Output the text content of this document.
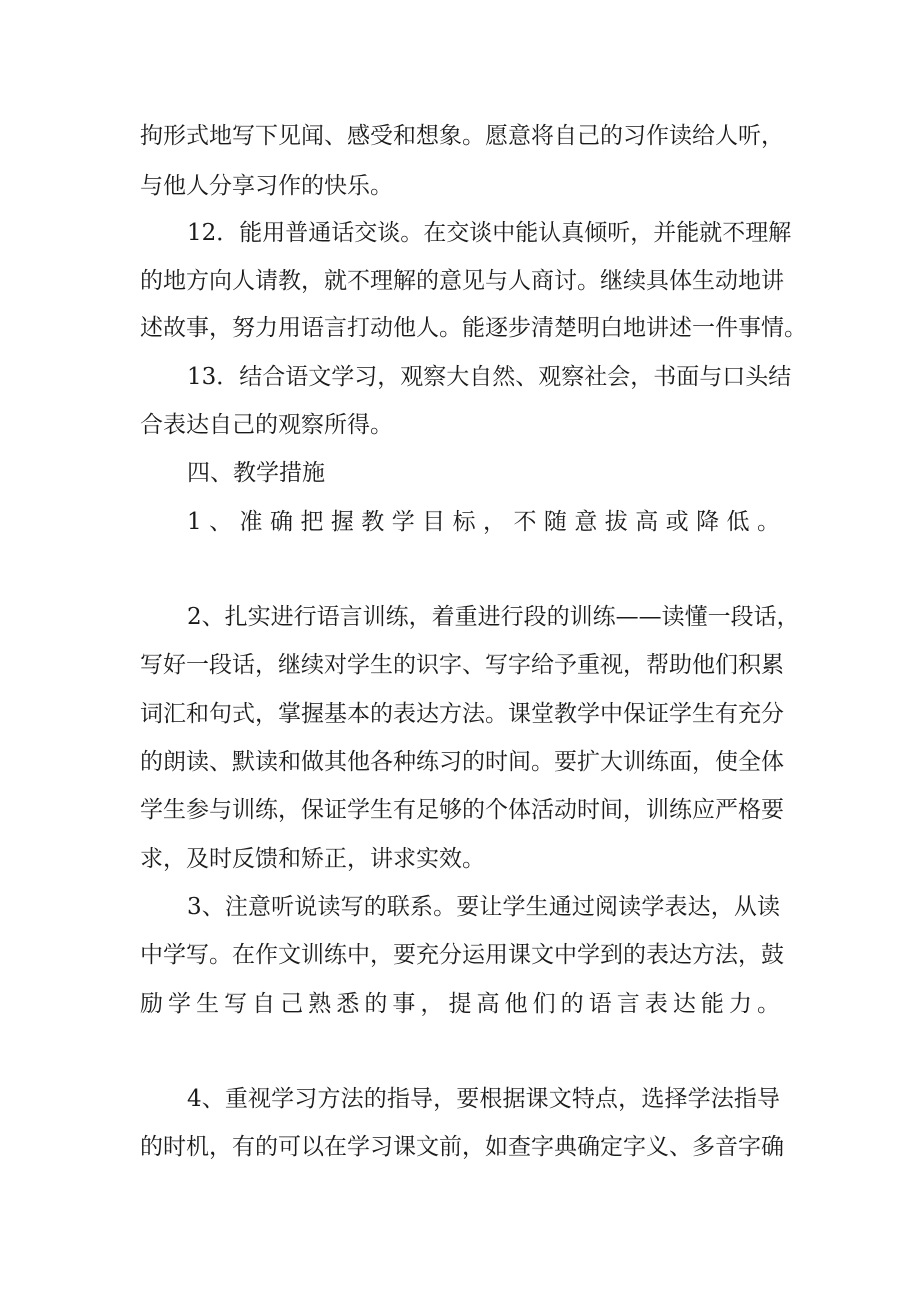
拘形式地写下见闻、感受和想象。愿意将自己的习作读给人听，
与他人分享习作的快乐。
12．能用普通话交谈。在交谈中能认真倾听，并能就不理解
的地方向人请教，就不理解的意见与人商讨。继续具体生动地讲
述故事，努力用语言打动他人。能逐步清楚明白地讲述一件事情。
13．结合语文学习，观察大自然、观察社会，书面与口头结
合表达自己的观察所得。
四、教学措施
1、准确把握教学目标，不随意拔高或降低。
2、扎实进行语言训练，着重进行段的训练——读懂一段话，
写好一段话，继续对学生的识字、写字给予重视，帮助他们积累
词汇和句式，掌握基本的表达方法。课堂教学中保证学生有充分
的朗读、默读和做其他各种练习的时间。要扩大训练面，使全体
学生参与训练，保证学生有足够的个体活动时间，训练应严格要
求，及时反馈和矫正，讲求实效。
3、注意听说读写的联系。要让学生通过阅读学表达，从读
中学写。在作文训练中，要充分运用课文中学到的表达方法，鼓
励学生写自己熟悉的事，提高他们的语言表达能力。
4、重视学习方法的指导，要根据课文特点，选择学法指导
的时机，有的可以在学习课文前，如查字典确定字义、多音字确
